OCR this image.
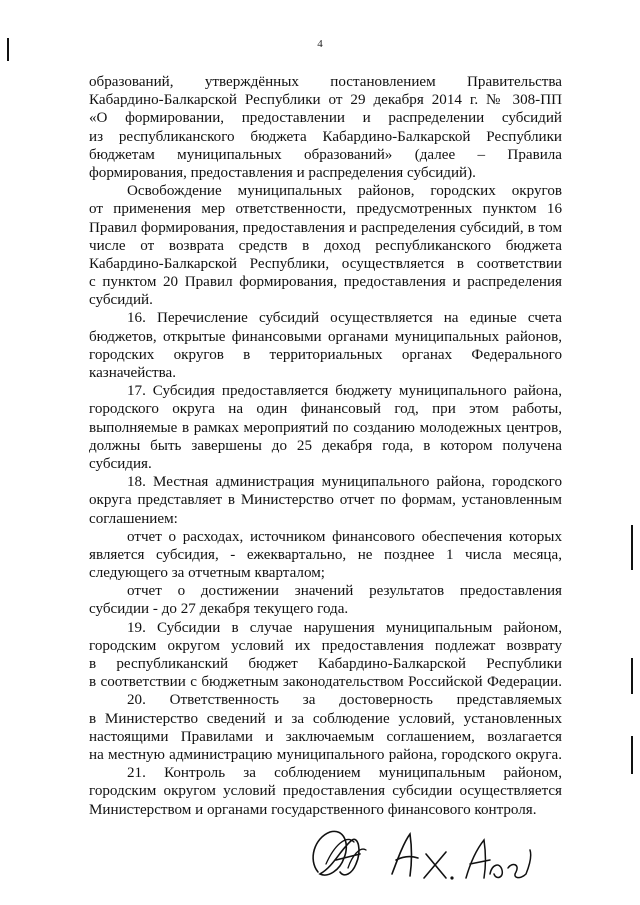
4
образований, утверждённых постановлением Правительства
Кабардино-Балкарской Республики от 29 декабря 2014 г. № 308-ПП
«О формировании, предоставлении и распределении субсидий
из республиканского бюджета Кабардино-Балкарской Республики
бюджетам муниципальных образований» (далее – Правила
формирования, предоставления и распределения субсидий).
Освобождение муниципальных районов, городских округов
от применения мер ответственности, предусмотренных пунктом 16
Правил формирования, предоставления и распределения субсидий, в том
числе от возврата средств в доход республиканского бюджета
Кабардино-Балкарской Республики, осуществляется в соответствии
с пунктом 20 Правил формирования, предоставления и распределения
субсидий.
16. Перечисление субсидий осуществляется на единые счета
бюджетов, открытые финансовыми органами муниципальных районов,
городских округов в территориальных органах Федерального
казначейства.
17. Субсидия предоставляется бюджету муниципального района,
городского округа на один финансовый год, при этом работы,
выполняемые в рамках мероприятий по созданию молодежных центров,
должны быть завершены до 25 декабря года, в котором получена
субсидия.
18. Местная администрация муниципального района, городского
округа представляет в Министерство отчет по формам, установленным
соглашением:
отчет о расходах, источником финансового обеспечения которых
является субсидия, - ежеквартально, не позднее 1 числа месяца,
следующего за отчетным кварталом;
отчет о достижении значений результатов предоставления
субсидии - до 27 декабря текущего года.
19. Субсидии в случае нарушения муниципальным районом,
городским округом условий их предоставления подлежат возврату
в республиканский бюджет Кабардино-Балкарской Республики
в соответствии с бюджетным законодательством Российской Федерации.
20. Ответственность за достоверность представляемых
в Министерство сведений и за соблюдение условий, установленных
настоящими Правилами и заключаемым соглашением, возлагается
на местную администрацию муниципального района, городского округа.
21. Контроль за соблюдением муниципальным районом,
городским округом условий предоставления субсидии осуществляется
Министерством и органами государственного финансового контроля.
